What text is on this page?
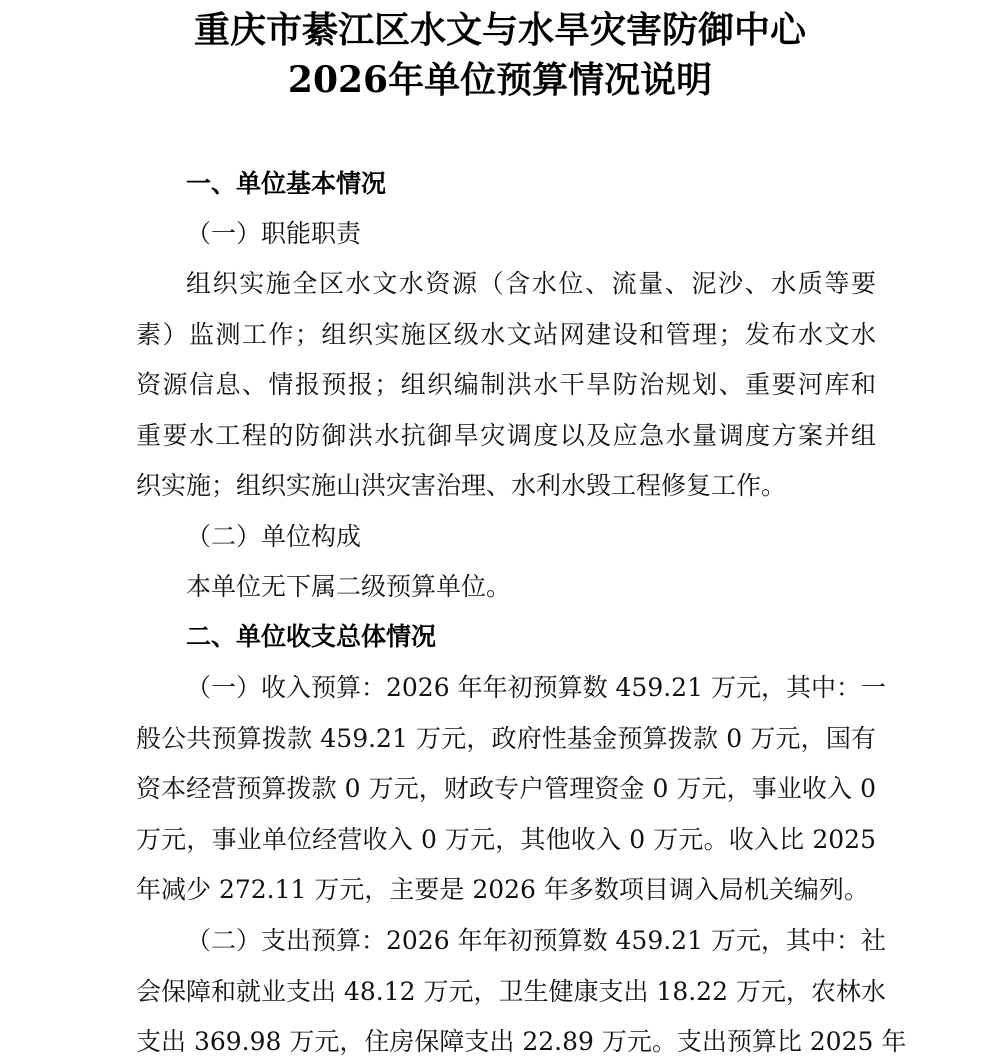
重庆市綦江区水文与水旱灾害防御中心
2026年单位预算情况说明
一、单位基本情况
（一）职能职责
组织实施全区水文水资源（含水位、流量、泥沙、水质等要
素）监测工作；组织实施区级水文站网建设和管理；发布水文水
资源信息、情报预报；组织编制洪水干旱防治规划、重要河库和
重要水工程的防御洪水抗御旱灾调度以及应急水量调度方案并组
织实施；组织实施山洪灾害治理、水利水毁工程修复工作。
（二）单位构成
本单位无下属二级预算单位。
二、单位收支总体情况
（一）收入预算：2026 年年初预算数 459.21 万元，其中：一
般公共预算拨款 459.21 万元，政府性基金预算拨款 0 万元，国有
资本经营预算拨款 0 万元，财政专户管理资金 0 万元，事业收入 0
万元，事业单位经营收入 0 万元，其他收入 0 万元。收入比 2025
年减少 272.11 万元，主要是 2026 年多数项目调入局机关编列。
（二）支出预算：2026 年年初预算数 459.21 万元，其中：社
会保障和就业支出 48.12 万元，卫生健康支出 18.22 万元，农林水
支出 369.98 万元，住房保障支出 22.89 万元。支出预算比 2025 年
